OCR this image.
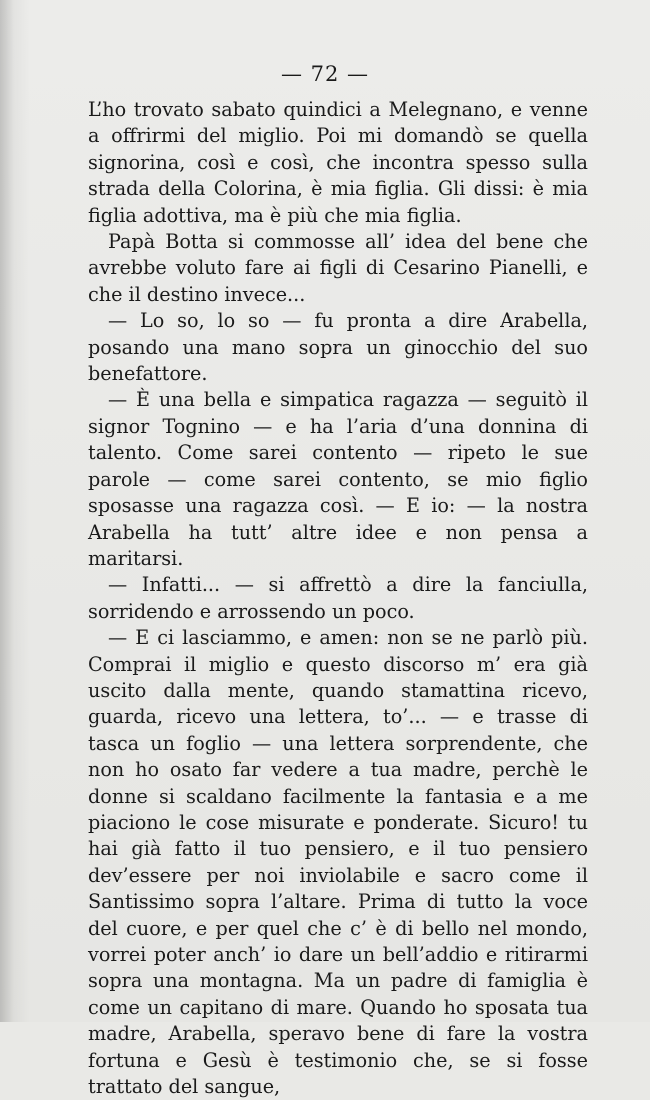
— 72 —

L’ho trovato sabato quindici a Melegnano, e venne a offrirmi del miglio. Poi mi domandò se quella signorina, così e così, che incontra spesso sulla strada della Colorina, è mia figlia. Gli dissi: è mia figlia adottiva, ma è più che mia figlia.

Papà Botta si commosse all’ idea del bene che avrebbe voluto fare ai figli di Cesarino Pianelli, e che il destino invece...

— Lo so, lo so — fu pronta a dire Arabella, posando una mano sopra un ginocchio del suo benefattore.

— È una bella e simpatica ragazza — seguitò il signor Tognino — e ha l’aria d’una donnina di talento. Come sarei contento — ripeto le sue parole — come sarei contento, se mio figlio sposasse una ragazza così. — E io: — la nostra Arabella ha tutt’ altre idee e non pensa a maritarsi.

— Infatti... — si affrettò a dire la fanciulla, sorridendo e arrossendo un poco.

— E ci lasciammo, e amen: non se ne parlò più. Comprai il miglio e questo discorso m’ era già uscito dalla mente, quando stamattina ricevo, guarda, ricevo una lettera, to’... — e trasse di tasca un foglio — una lettera sorprendente, che non ho osato far vedere a tua madre, perchè le donne si scaldano facilmente la fantasia e a me piaciono le cose misurate e ponderate. Sicuro! tu hai già fatto il tuo pensiero, e il tuo pensiero dev’essere per noi inviolabile e sacro come il Santissimo sopra l’altare. Prima di tutto la voce del cuore, e per quel che c’ è di bello nel mondo, vorrei poter anch’ io dare un bell’addio e ritirarmi sopra una montagna. Ma un padre di famiglia è come un capitano di mare. Quando ho sposata tua madre, Arabella, speravo bene di fare la vostra fortuna e Gesù è testimonio che, se si fosse trattato del sangue,
